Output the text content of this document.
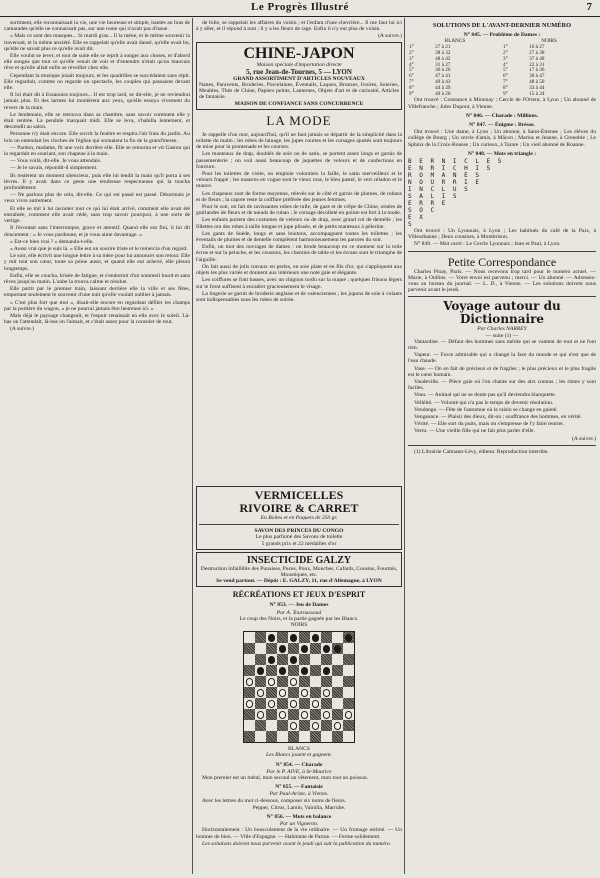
Le Progrès Illustré	7

sortiment, elle reconnaissait la vie, une vie heureuse et simple, hantée au bras de camarades qu'elle ne connaissait pas, sur une route qui n'avait pas d'issue.

« Mais ce sont des masques... Si mardi gras... Il la mène, et le même souvenir la traversait, et la même anxiété. Elle se rappelait qu'elle avait dansé, qu'elle avait bu, qu'elle ne savait plus ce qu'elle avait dit.

Elle voulut se lever, et tout de suite elle se reprit à songer aux choses, et d'abord elle songea que tout ce qu'elle venait de voir et d'entendre n'était qu'un mauvais rêve et qu'elle allait enfin se réveiller chez elle.

Cependant la musique jouait toujours, et les quadrilles se succédaient sans répit. Elle regardait, comme on regarde un spectacle, les couples qui passaient devant elle.

Il lui était dit à Essaouira toujours... Il est trop tard, se dit-elle, je ne reviendrai jamais plus. Et des larmes lui montèrent aux yeux, qu'elle essuya vivement du revers de la main.

Le lendemain, elle se retrouva dans sa chambre, sans savoir comment elle y était rentrée. La pendule marquait midi. Elle se leva, s'habilla lentement, et descendit au salon.

Personne n'y était encore. Elle ouvrit la fenêtre et respira l'air frais du jardin. Au loin on entendait les cloches de l'église qui sonnaient la fin de la grand'messe.

— Pardon, madame, fit une voix derrière elle. Elle se retourna et vit Gaston qui la regardait en souriant, son chapeau à la main.

— Vous voilà, dit-elle. Je vous attendais.

— Je le savais, répondit-il simplement.

Ils restèrent un moment silencieux, puis elle lui tendit la main qu'il porta à ses lèvres. Il y avait dans ce geste une tendresse respectueuse qui la toucha profondément.

— Ne parlons plus de cela, dit-elle. Ce qui est passé est passé. Désormais je veux vivre autrement.

Et elle se mit à lui raconter tout ce qui lui était arrivé, comment elle avait été entraînée, comment elle avait cédé, sans trop savoir pourquoi, à une sorte de vertige.

Il l'écoutait sans l'interrompre, grave et attentif. Quand elle eut fini, il lui dit doucement : « Je vous pardonne, et je vous aime davantage. »

« Est-ce bien vrai ? » demanda-t-elle.

« Aussi vrai que je suis là. » Elle eut un sourire triste et le remercia d'un regard.

Le soir, elle écrivit une longue lettre à sa mère pour lui annoncer son retour. Elle y mit tout son cœur, toute sa peine aussi, et quand elle eut achevé, elle pleura longtemps.

Enfin, elle se coucha, brisée de fatigue, et s'endormit d'un sommeil lourd et sans rêves jusqu'au matin. L'aube la trouva calme et résolue.

Elle partit par le premier train, laissant derrière elle la ville et ses fêtes, emportant seulement le souvenir d'une nuit qu'elle voulait oublier à jamais.

« C'est plus fort que moi », disait-elle encore en regardant défiler les champs par la portière du wagon, « je ne pourrai jamais être heureuse ici. »

Mais déjà le paysage changeait, et l'espoir renaissait en elle avec le soleil. Là-bas on l'attendait, là-bas on l'aimait, et c'était assez pour la consoler de tout.

(A suivre.)

de folie, se rappelait les affaires du voisin ; et l'enfant d'une chevrière... Il me faut lui ici à y aller, et il répond à tout ; il y a les fleurs de rage. Enfin il n'y eut plus de voisin.

(A suivre.)

CHINE-JAPON
Maison spéciale d'importation directe
5, rue Jean-de-Tournes, 5 — LYON
GRAND ASSORTIMENT D'ARTICLES NOUVEAUX
Nattes, Paravents, Broderies, Porcelaines, Éventails, Laques, Bronzes, Ivoires, Soieries, Meubles, Thés de Chine, Papiers peints, Lanternes, Objets d'art et de curiosité, Articles de fantaisie.
MAISON DE CONFIANCE SANS CONCURRENCE
LA MODE

Je rappelle d'un mot, aujourd'hui, qu'il ne faut jamais se départir de la simplicité dans la toilette du matin ; les robes de lainage, les jupes courtes et les corsages ajustés sont toujours de mise pour la promenade et les courses.

Les manteaux de drap, doublés de soie ou de satin, se portent assez longs et garnis de passementerie ; on voit aussi beaucoup de jaquettes de velours et de confections en fourrure.

Pour les toilettes de visite, on emploie volontiers la faille, le satin merveilleux et le velours frappé ; les nuances en vogue sont le vieux rose, le bleu pastel, le vert céladon et le mauve.

Les chapeaux sont de forme moyenne, relevés sur le côté et garnis de plumes, de rubans et de fleurs ; la capote reste la coiffure préférée des jeunes femmes.

Pour le soir, on fait de ravissantes robes de tulle, de gaze et de crêpe de Chine, ornées de guirlandes de fleurs et de nœuds de ruban ; le corsage décolleté en pointe est fort à la mode.

Les enfants portent des costumes de velours ou de drap, avec grand col de dentelle ; les fillettes ont des robes à taille longue et jupe plissée, et de petits manteaux à pèlerine.

Les gants de Suède, longs et sans boutons, accompagnent toutes les toilettes ; les éventails de plumes et de dentelle complètent harmonieusement les parures du soir.

Enfin, un mot des ouvrages de dames : on brode beaucoup en ce moment sur la toile écrue et sur la peluche, et les coussins, les chemins de table et les écrans sont le triomphe de l'aiguille.

On fait aussi de jolis travaux en perles, en soie plate et en fils d'or, qui s'appliquent aux objets les plus variés et donnent aux intérieurs une note gaie et élégante.

Les coiffures se font basses, avec un chignon tordu sur la nuque ; quelques frisons légers sur le front suffisent à encadrer gracieusement le visage.

La lingerie se garnit de broderie anglaise et de valenciennes ; les jupons de soie à volants sont indispensables sous les robes de soirée.

VERMICELLES
RIVOIRE & CARRET
En Boîtes et en Paquets de 250 gr.
SAVON DES PRINCES DU CONGO
Le plus parfumé des Savons de toilette
5 grands prix et 22 médailles d'or
INSECTICIDE GALZY
Destruction infaillible des Punaises, Puces, Poux, Mouches, Cafards, Cousins, Fourmis, Moustiques, etc.
Se vend partout. — Dépôt : E. GALZY, 11, rue d'Allemagne, à LYON
RÉCRÉATIONS ET JEUX D'ESPRIT
N° 853. — Jeu de Dames
Par A. Tournassoud
Le coup des Noirs, et la partie gagnée par les Blancs.
NOIRS
BLANCS
Les Blancs jouent et gagnent.
N° 854. — Charade
Par le P. AIVE, à St-Maurice

Mon premier est un métal, mon second un vêtement, mon tout un poisson.

N° 855. — Fantaisie
Par Paul-Ariste, à Vienne.

Avec les lettres du mot ci-dessous, composer six noms de fleurs.

Pepper, Citrus, Lamin, Vainilla, Marrube.
N° 856. — Mots en balance
Par un Vigneron.

Horizontalement : Un bousculement de la vie ordinaire. — Un fromage estimé. — Un homme de bien. — Ville d'Espagne. — Habitante de Parme. — Ferme solidement.

Les solutions doivent nous parvenir avant le jeudi qui suit la publication du numéro.

SOLUTIONS DE L'AVANT-DERNIER NUMÉRO
N° 845. — Problème de Dames :
BLANCS		NOIRS	
1°	27 à 21	1°	16 à 27
2°	38 à 32	2°	27 à 38
3°	48 à 42	3°	37 à 48
4°	31 à 27	4°	22 à 31
5°	36 à 26	5°	17 à 36
6°	47 à 41	6°	36 à 47
7°	49 à 43	7°	48 à 50
8°	44 à 39	8°	33 à 44
9°	40 à 20	9°	15 à 24

Ont trouvé : Constance à Mionnay ; Cercle de l'Orient, à Lyon ; Un abonné de Villefranche ; Jules Dupont, à Vienne.

N° 846. — Charade : Millions.
N° 847. — Énigme : Brésse.

Ont trouvé : Une dame, à Lyon ; Un abonné, à Saint-Étienne ; Les élèves du collège de Bourg ; Un cercle d'amis, à Mâcon ; Marius et Jeanne, à Grenoble ; Le Sphinx de la Croix-Rousse ; Un curieux, à Tarare ; Un vieil abonné de Roanne.

N° 848. — Mots en triangle :
B E R N I C L E S
E N R I C H I S
R O M A N E S
N O U R R I E
I N C L U S
S A L I S
E R R E
S O C
E X
S

Ont trouvé : Un Lyonnais, à Lyon ; Les habitués du café de la Paix, à Villeurbanne ; Deux cousines, à Montbrison.

N° 849. — Mot carré : Le Cercle Lyonnais ; Jean et Paul, à Lyon.

Petite Correspondance

Charles Pinay, Paris. — Nous recevons trop tard pour le numéro actuel. — Marie, à Oullins. — Votre envoi est parvenu ; merci. — Un abonné. — Adressez-vous au bureau du journal. — L. D., à Vienne. — Les solutions doivent nous parvenir avant le jeudi.

Voyage autour du Dictionnaire
Par Charles NARREY
— suite (1) —

Vantardise. — Défaut des hommes sans mérite qui se vantent de tout et ne font rien.

Vapeur. — Force admirable qui a changé la face du monde et qui n'est que de l'eau chaude.

Vase. — On en fait de précieux et de fragiles ; le plus précieux et le plus fragile est le cœur humain.

Vaudeville. — Pièce gaie où l'on chante sur des airs connus ; les rimes y sont faciles.

Veau. — Animal qui ne se doute pas qu'il deviendra blanquette.

Velléité. — Volonté qui n'a pas le temps de devenir résolution.

Vendange. — Fête de l'automne où le raisin se change en gaieté.

Vengeance. — Plaisir des dieux, dit-on ; souffrance des hommes, en vérité.

Vérité. — Elle sort du puits, mais on s'empresse de l'y faire rentrer.

Vertu. — Une vieille fille qui ne fait plus parler d'elle.

(A suivre.)

(1) Librairie Calmann-Lévy, éditeur. Reproduction interdite.
